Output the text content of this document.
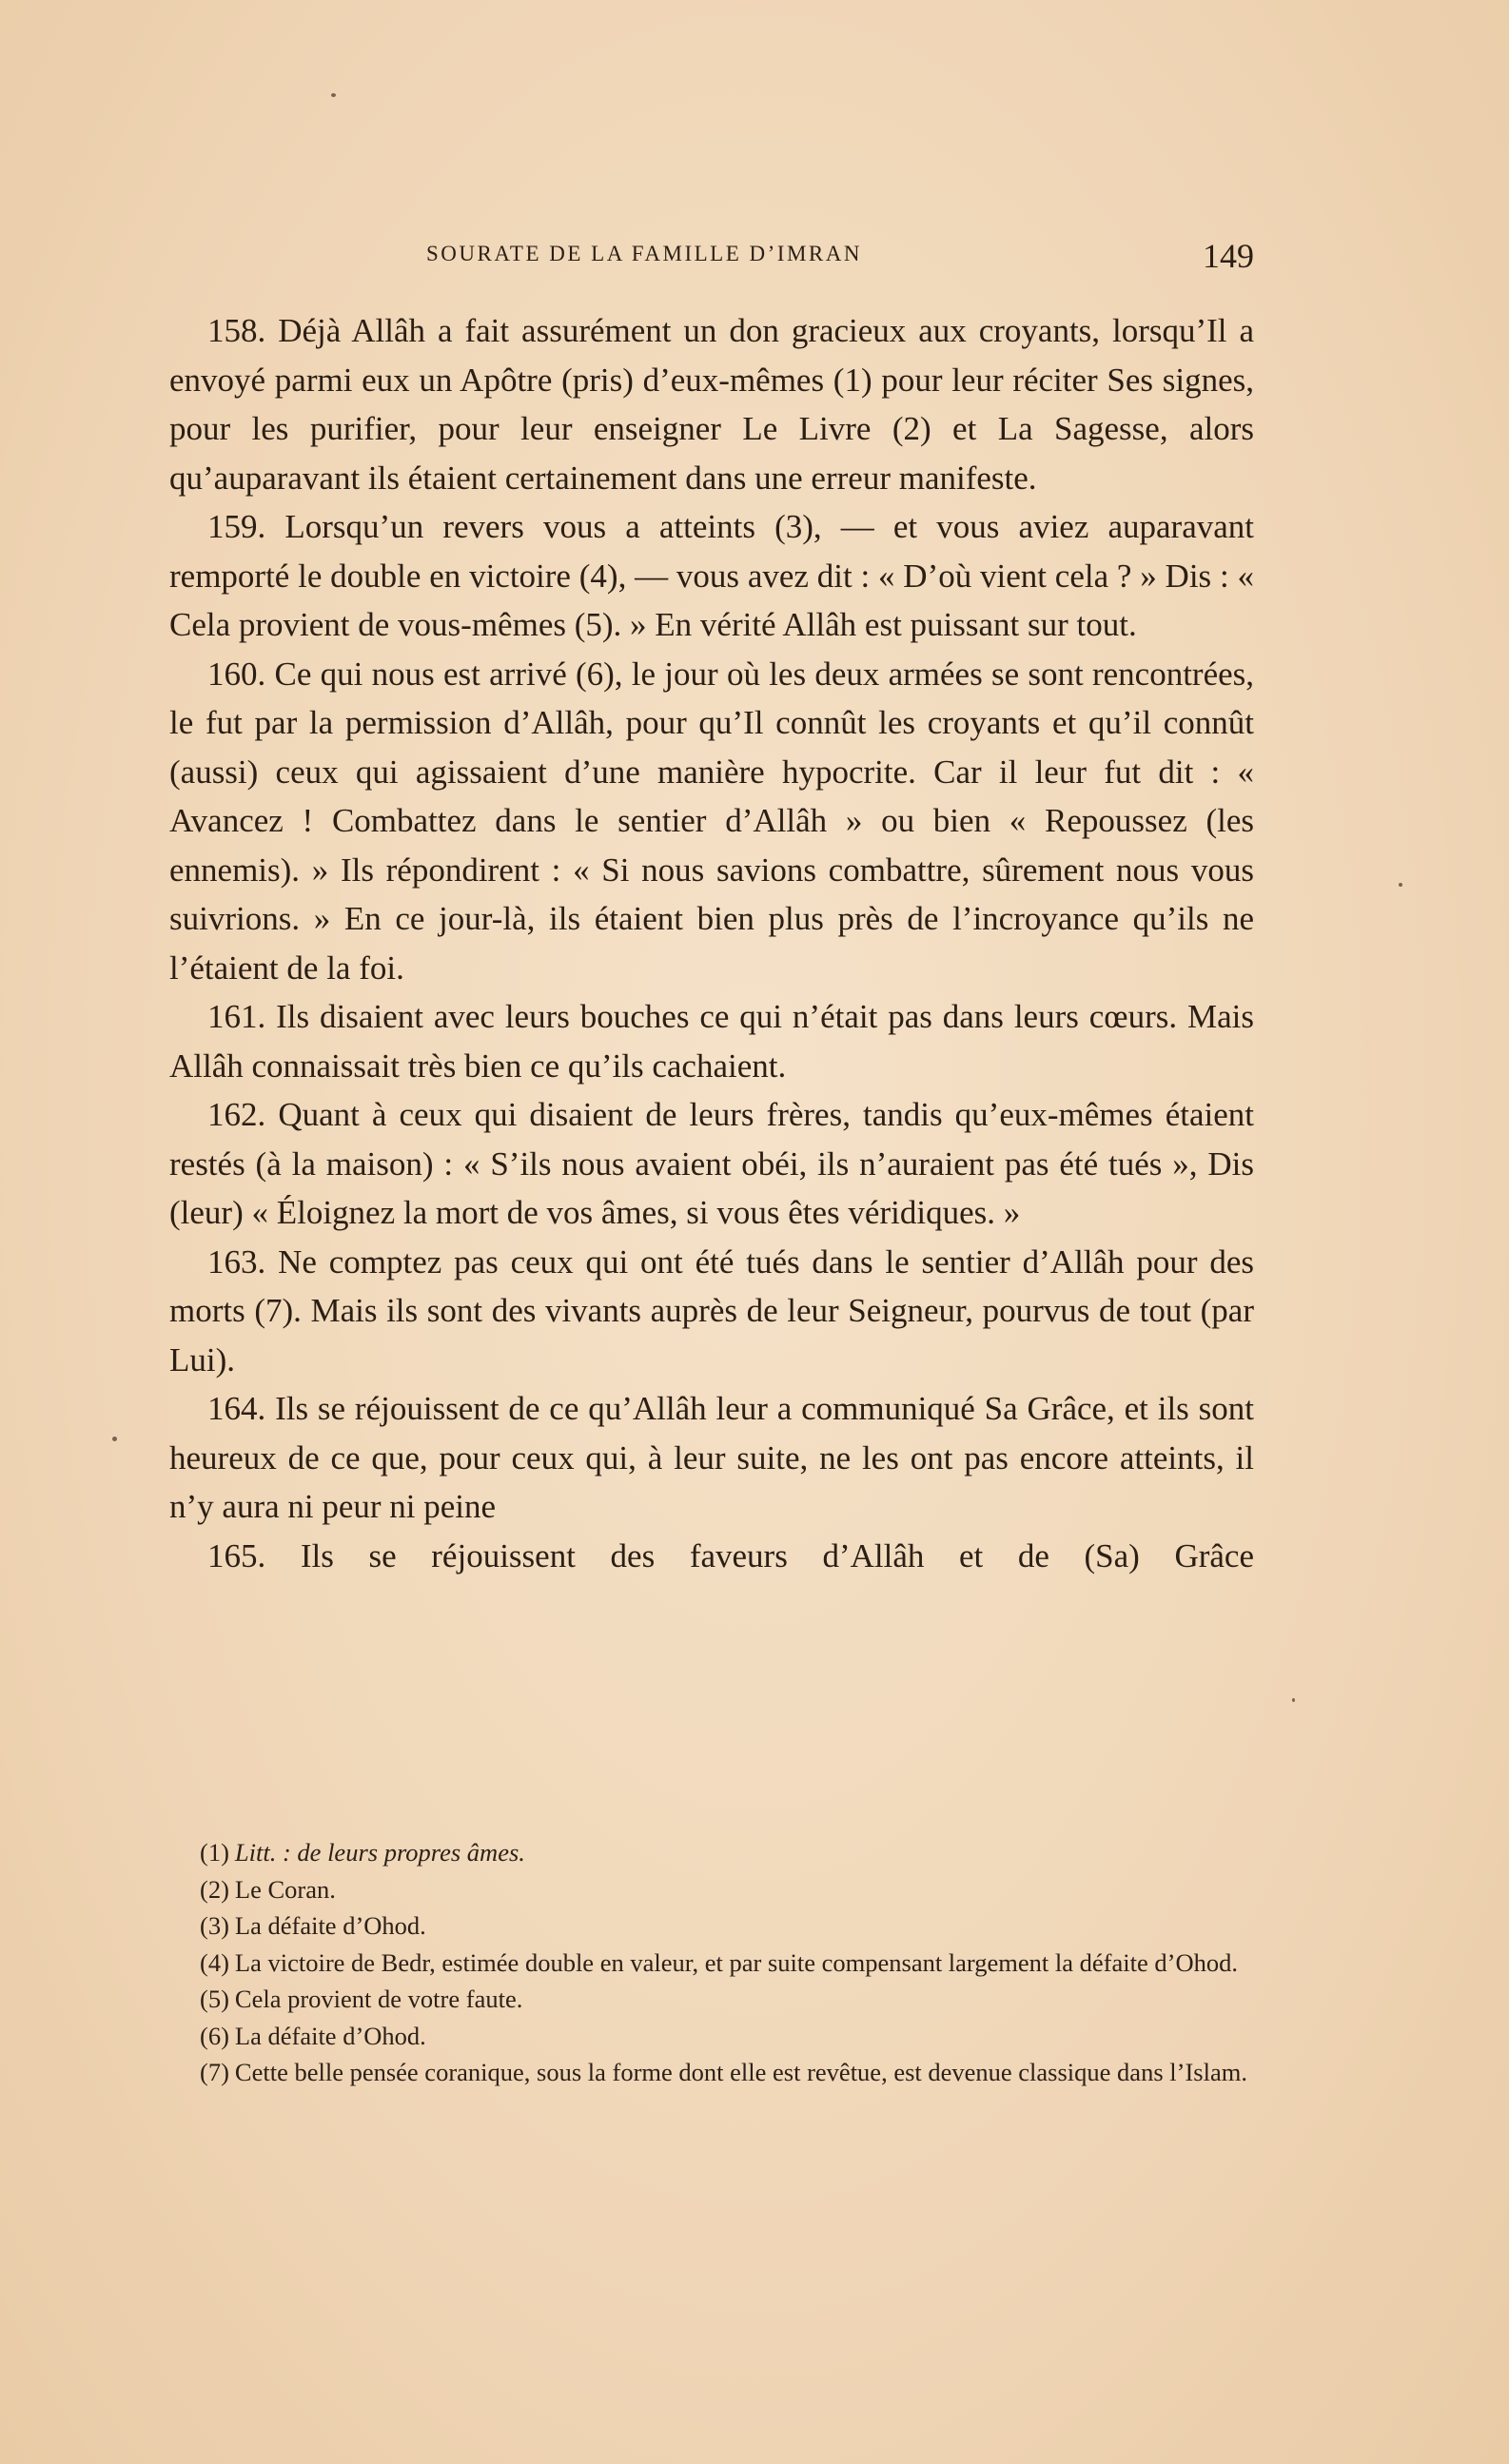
SOURATE DE LA FAMILLE D’IMRAN	149

158. Déjà Allâh a fait assurément un don gracieux aux croyants, lorsqu’Il a envoyé parmi eux un Apôtre (pris) d’eux-mêmes (1) pour leur réciter Ses signes, pour les purifier, pour leur enseigner Le Livre (2) et La Sagesse, alors qu’auparavant ils étaient certainement dans une erreur manifeste.

159. Lorsqu’un revers vous a atteints (3), — et vous aviez auparavant remporté le double en victoire (4), — vous avez dit : « D’où vient cela ? » Dis : « Cela provient de vous-mêmes (5). » En vérité Allâh est puissant sur tout.

160. Ce qui nous est arrivé (6), le jour où les deux armées se sont rencontrées, le fut par la permission d’Allâh, pour qu’Il connût les croyants et qu’il connût (aussi) ceux qui agissaient d’une manière hypocrite. Car il leur fut dit : « Avancez ! Combattez dans le sentier d’Allâh » ou bien « Repoussez (les ennemis). » Ils répondirent : « Si nous savions combattre, sûrement nous vous suivrions. » En ce jour-là, ils étaient bien plus près de l’incroyance qu’ils ne l’étaient de la foi.

161. Ils disaient avec leurs bouches ce qui n’était pas dans leurs cœurs. Mais Allâh connaissait très bien ce qu’ils cachaient.

162. Quant à ceux qui disaient de leurs frères, tandis qu’eux-mêmes étaient restés (à la maison) : « S’ils nous avaient obéi, ils n’auraient pas été tués », Dis (leur) « Éloignez la mort de vos âmes, si vous êtes véridiques. »

163. Ne comptez pas ceux qui ont été tués dans le sentier d’Allâh pour des morts (7). Mais ils sont des vivants auprès de leur Seigneur, pourvus de tout (par Lui).

164. Ils se réjouissent de ce qu’Allâh leur a communiqué Sa Grâce, et ils sont heureux de ce que, pour ceux qui, à leur suite, ne les ont pas encore atteints, il n’y aura ni peur ni peine

165. Ils se réjouissent des faveurs d’Allâh et de (Sa) Grâce

(1) Litt. : de leurs propres âmes.

(2) Le Coran.

(3) La défaite d’Ohod.

(4) La victoire de Bedr, estimée double en valeur, et par suite compensant largement la défaite d’Ohod.

(5) Cela provient de votre faute.

(6) La défaite d’Ohod.

(7) Cette belle pensée coranique, sous la forme dont elle est revêtue, est devenue classique dans l’Islam.
